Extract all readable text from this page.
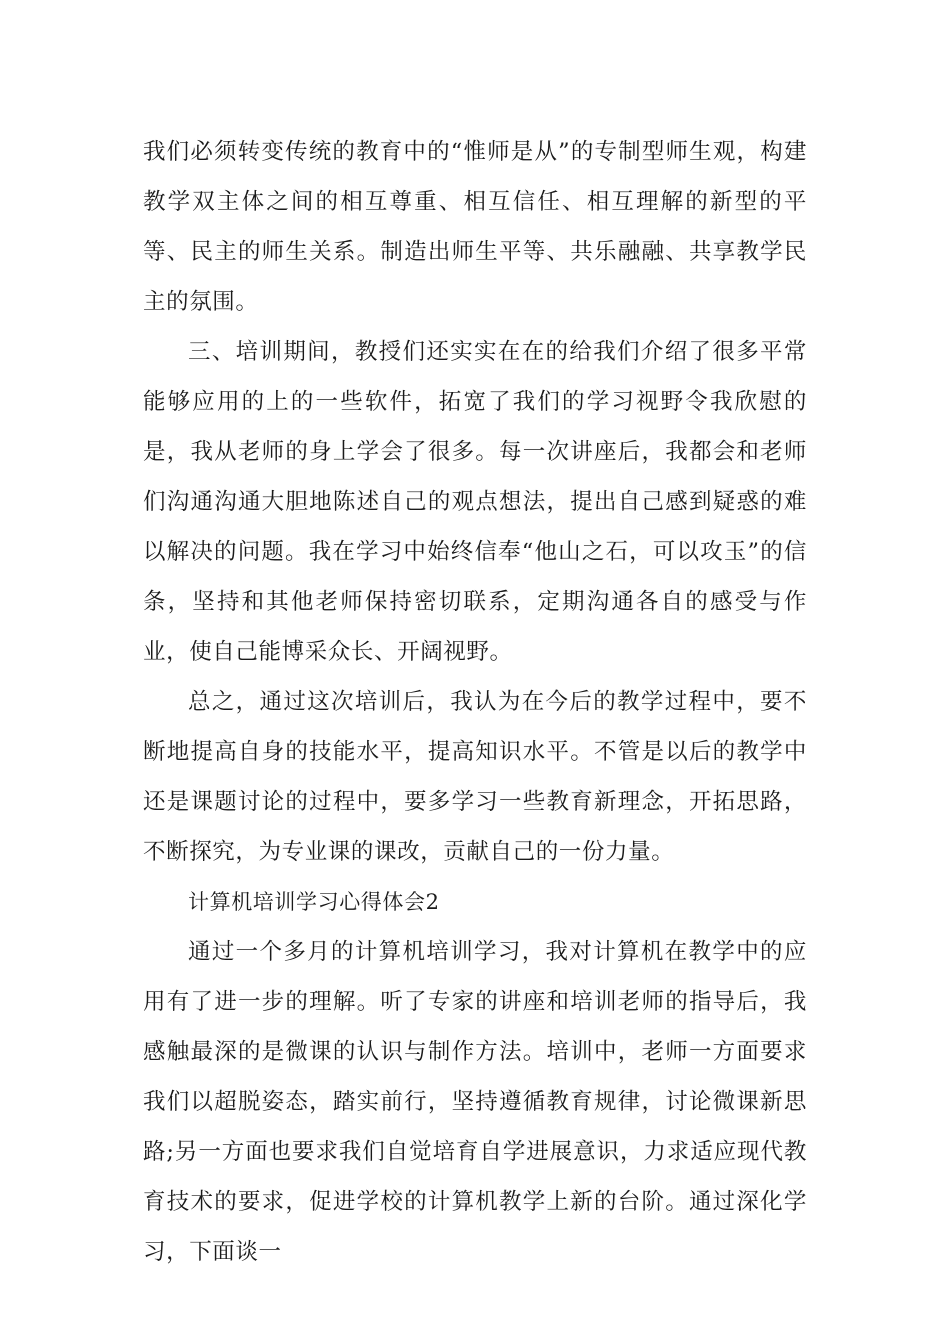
我们必须转变传统的教育中的“惟师是从”的专制型师生观，构建教学双主体之间的相互尊重、相互信任、相互理解的新型的平等、民主的师生关系。制造出师生平等、共乐融融、共享教学民主的氛围。

三、培训期间，教授们还实实在在的给我们介绍了很多平常能够应用的上的一些软件，拓宽了我们的学习视野令我欣慰的是，我从老师的身上学会了很多。每一次讲座后，我都会和老师们沟通沟通大胆地陈述自己的观点想法，提出自己感到疑惑的难以解决的问题。我在学习中始终信奉“他山之石，可以攻玉”的信条，坚持和其他老师保持密切联系，定期沟通各自的感受与作业，使自己能博采众长、开阔视野。

总之，通过这次培训后，我认为在今后的教学过程中，要不断地提高自身的技能水平，提高知识水平。不管是以后的教学中还是课题讨论的过程中，要多学习一些教育新理念，开拓思路，不断探究，为专业课的课改，贡献自己的一份力量。

计算机培训学习心得体会2

通过一个多月的计算机培训学习，我对计算机在教学中的应用有了进一步的理解。听了专家的讲座和培训老师的指导后，我感触最深的是微课的认识与制作方法。培训中，老师一方面要求我们以超脱姿态，踏实前行，坚持遵循教育规律，讨论微课新思路;另一方面也要求我们自觉培育自学进展意识，力求适应现代教育技术的要求，促进学校的计算机教学上新的台阶。通过深化学习，下面谈一
